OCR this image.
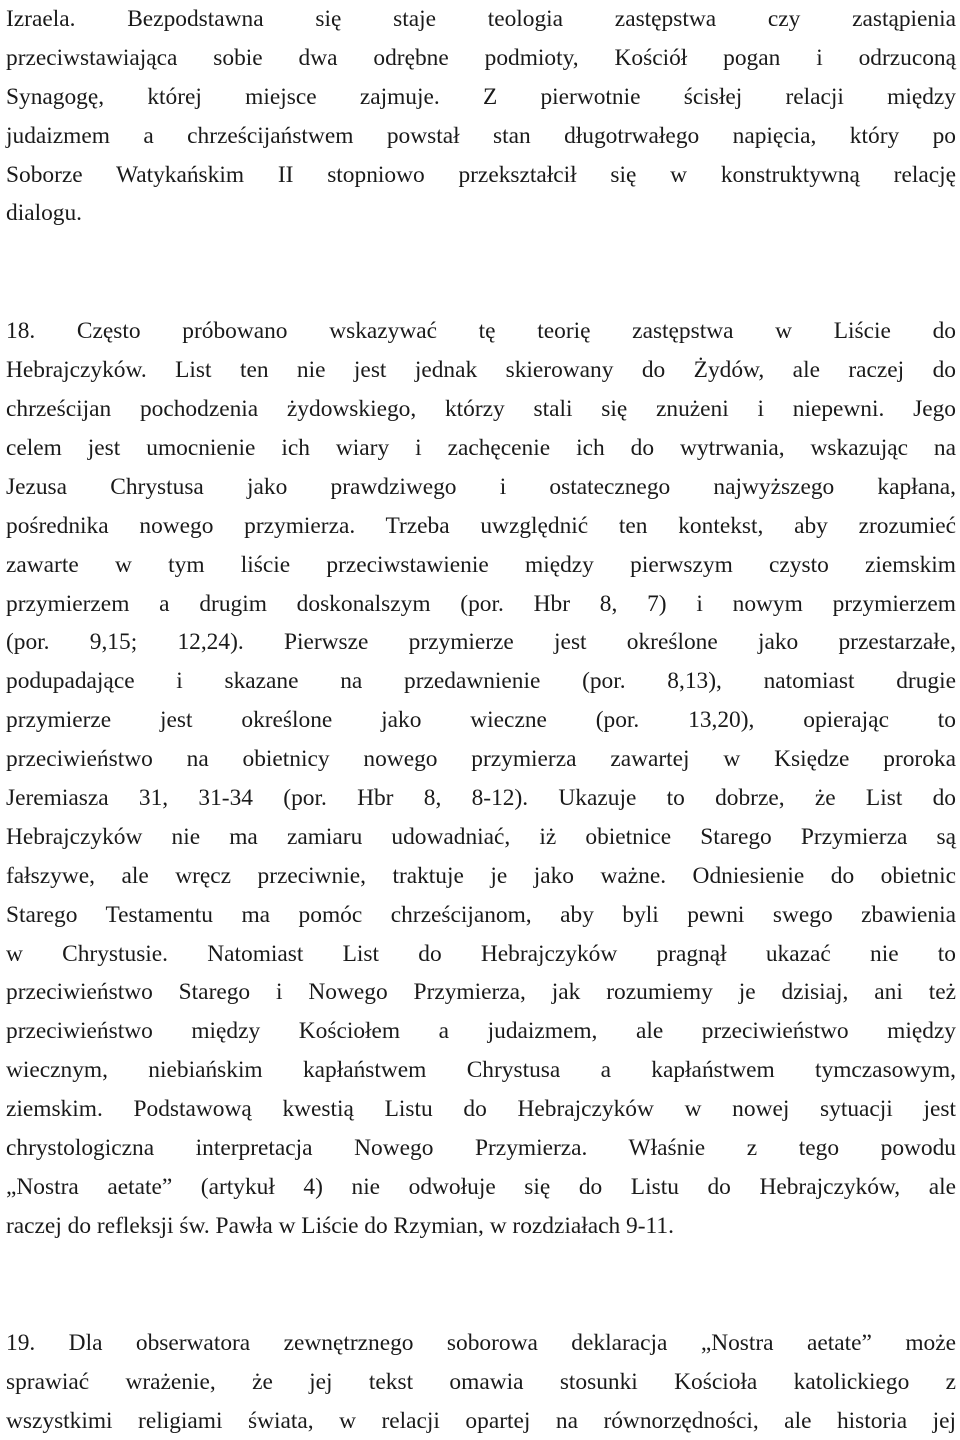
Izraela. Bezpodstawna się staje teologia zastępstwa czy zastąpienia
przeciwstawiająca sobie dwa odrębne podmioty, Kościół pogan i odrzuconą
Synagogę, której miejsce zajmuje. Z pierwotnie ścisłej relacji między
judaizmem a chrześcijaństwem powstał stan długotrwałego napięcia, który po
Soborze Watykańskim II stopniowo przekształcił się w konstruktywną relację
dialogu.
18. Często próbowano wskazywać tę teorię zastępstwa w Liście do
Hebrajczyków. List ten nie jest jednak skierowany do Żydów, ale raczej do
chrześcijan pochodzenia żydowskiego, którzy stali się znużeni i niepewni. Jego
celem jest umocnienie ich wiary i zachęcenie ich do wytrwania, wskazując na
Jezusa Chrystusa jako prawdziwego i ostatecznego najwyższego kapłana,
pośrednika nowego przymierza. Trzeba uwzględnić ten kontekst, aby zrozumieć
zawarte w tym liście przeciwstawienie między pierwszym czysto ziemskim
przymierzem a drugim doskonalszym (por. Hbr 8, 7) i nowym przymierzem
(por. 9,15; 12,24). Pierwsze przymierze jest określone jako przestarzałe,
podupadające i skazane na przedawnienie (por. 8,13), natomiast drugie
przymierze jest określone jako wieczne (por. 13,20), opierając to
przeciwieństwo na obietnicy nowego przymierza zawartej w Księdze proroka
Jeremiasza 31, 31-34 (por. Hbr 8, 8-12). Ukazuje to dobrze, że List do
Hebrajczyków nie ma zamiaru udowadniać, iż obietnice Starego Przymierza są
fałszywe, ale wręcz przeciwnie, traktuje je jako ważne. Odniesienie do obietnic
Starego Testamentu ma pomóc chrześcijanom, aby byli pewni swego zbawienia
w Chrystusie. Natomiast List do Hebrajczyków pragnął ukazać nie to
przeciwieństwo Starego i Nowego Przymierza, jak rozumiemy je dzisiaj, ani też
przeciwieństwo między Kościołem a judaizmem, ale przeciwieństwo między
wiecznym, niebiańskim kapłaństwem Chrystusa a kapłaństwem tymczasowym,
ziemskim. Podstawową kwestią Listu do Hebrajczyków w nowej sytuacji jest
chrystologiczna interpretacja Nowego Przymierza. Właśnie z tego powodu
„Nostra aetate” (artykuł 4) nie odwołuje się do Listu do Hebrajczyków, ale
raczej do refleksji św. Pawła w Liście do Rzymian, w rozdziałach 9-11.
19. Dla obserwatora zewnętrznego soborowa deklaracja „Nostra aetate” może
sprawiać wrażenie, że jej tekst omawia stosunki Kościoła katolickiego z
wszystkimi religiami świata, w relacji opartej na równorzędności, ale historia jej
